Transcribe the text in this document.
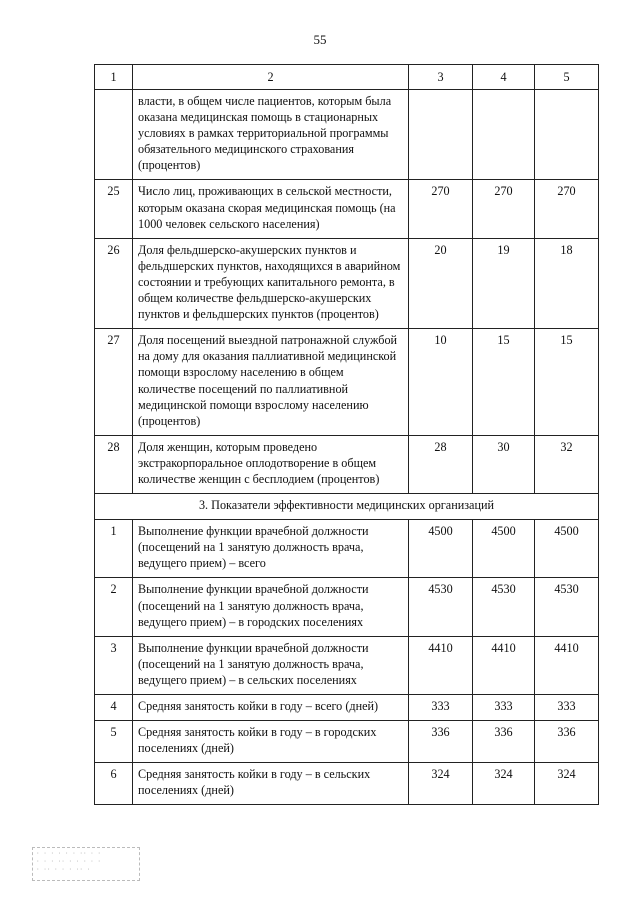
55
1	2	3	4	5
	власти, в общем числе пациентов, которым была оказана медицинская помощь в стационарных условиях в рамках территориальной программы обязательного медицинского страхования (процентов)			
25	Число лиц, проживающих в сельской местности, которым оказана скорая медицинская помощь (на 1000 человек сельского населения)	270	270	270
26	Доля фельдшерско-акушерских пунктов и фельдшерских пунктов, находящихся в аварийном состоянии и требующих капитального ремонта, в общем количестве фельдшерско-акушерских пунктов и фельдшерских пунктов (процентов)	20	19	18
27	Доля посещений выездной патронажной службой на дому для оказания паллиативной медицинской помощи взрослому населению в общем количестве посещений по паллиативной медицинской помощи взрослому населению (процентов)	10	15	15
28	Доля женщин, которым проведено экстракорпоральное оплодотворение в общем количестве женщин с бесплодием (процентов)	28	30	32
3. Показатели эффективности медицинских организаций				
1	Выполнение функции врачебной должности (посещений на 1 занятую должность врача, ведущего прием) – всего	4500	4500	4500
2	Выполнение функции врачебной должности (посещений на 1 занятую должность врача, ведущего прием) – в городских поселениях	4530	4530	4530
3	Выполнение функции врачебной должности (посещений на 1 занятую должность врача, ведущего прием) – в сельских поселениях	4410	4410	4410
4	Средняя занятость койки в году – всего (дней)	333	333	333
5	Средняя занятость койки в году – в городских поселениях (дней)	336	336	336
6	Средняя занятость койки в году – в сельских поселениях (дней)	324	324	324
· · · · · · ·· · ·
· · · ·· · · · · ·
· ·· · · · ·· ·
